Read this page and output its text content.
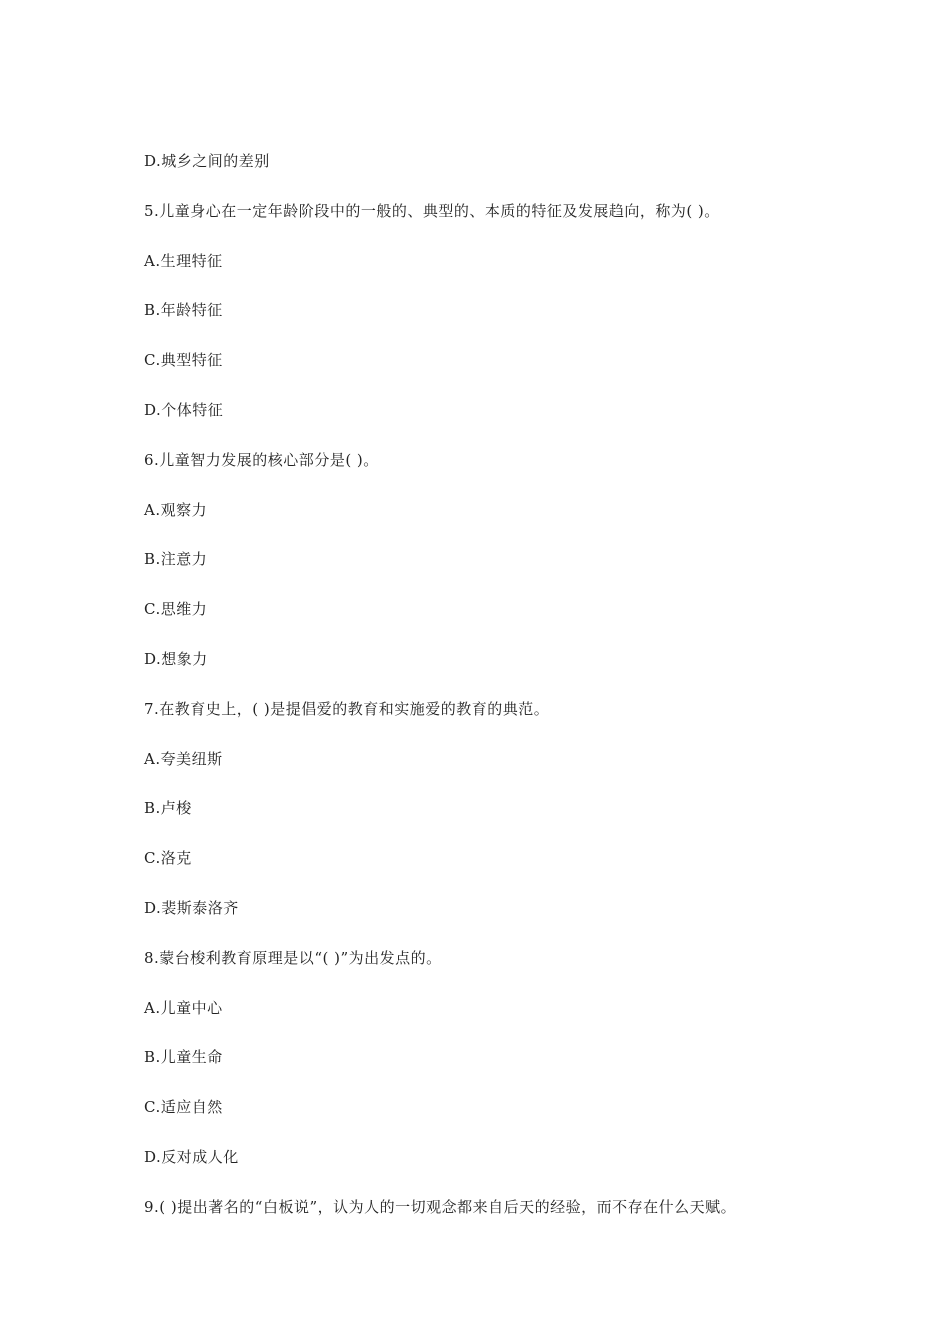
D.城乡之间的差别
5.儿童身心在一定年龄阶段中的一般的、典型的、本质的特征及发展趋向，称为( )。
A.生理特征
B.年龄特征
C.典型特征
D.个体特征
6.儿童智力发展的核心部分是( )。
A.观察力
B.注意力
C.思维力
D.想象力
7.在教育史上，( )是提倡爱的教育和实施爱的教育的典范。
A.夸美纽斯
B.卢梭
C.洛克
D.裴斯泰洛齐
8.蒙台梭利教育原理是以“( )”为出发点的。
A.儿童中心
B.儿童生命
C.适应自然
D.反对成人化
9.( )提出著名的“白板说”，认为人的一切观念都来自后天的经验，而不存在什么天赋。
